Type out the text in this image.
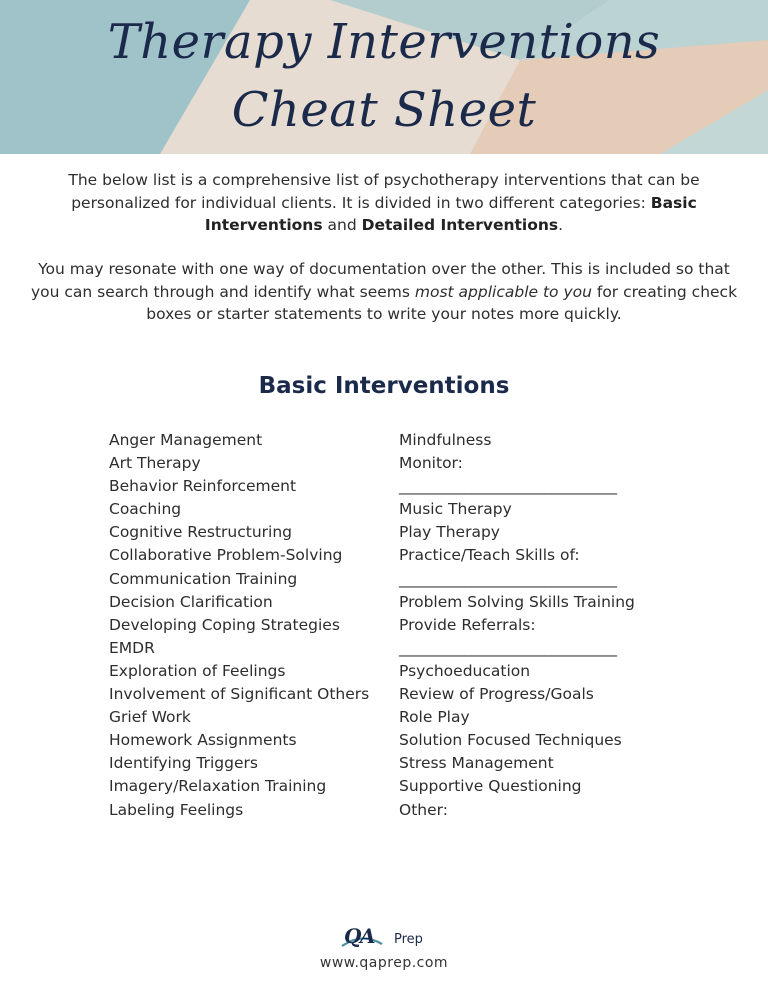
Therapy Interventions
Cheat Sheet
The below list is a comprehensive list of psychotherapy interventions that can be personalized for individual clients. It is divided in two different categories: Basic Interventions and Detailed Interventions.
You may resonate with one way of documentation over the other. This is included so that you can search through and identify what seems most applicable to you for creating check boxes or starter statements to write your notes more quickly.
Basic Interventions
Anger Management
Art Therapy
Behavior Reinforcement
Coaching
Cognitive Restructuring
Collaborative Problem-Solving
Communication Training
Decision Clarification
Developing Coping Strategies
EMDR
Exploration of Feelings
Involvement of Significant Others
Grief Work
Homework Assignments
Identifying Triggers
Imagery/Relaxation Training
Labeling Feelings
Mindfulness
Monitor:
______________________________
Music Therapy
Play Therapy
Practice/Teach Skills of:
______________________________
Problem Solving Skills Training
Provide Referrals:
______________________________
Psychoeducation
Review of Progress/Goals
Role Play
Solution Focused Techniques
Stress Management
Supportive Questioning
Other:
Q
A Prep
www.qaprep.com
